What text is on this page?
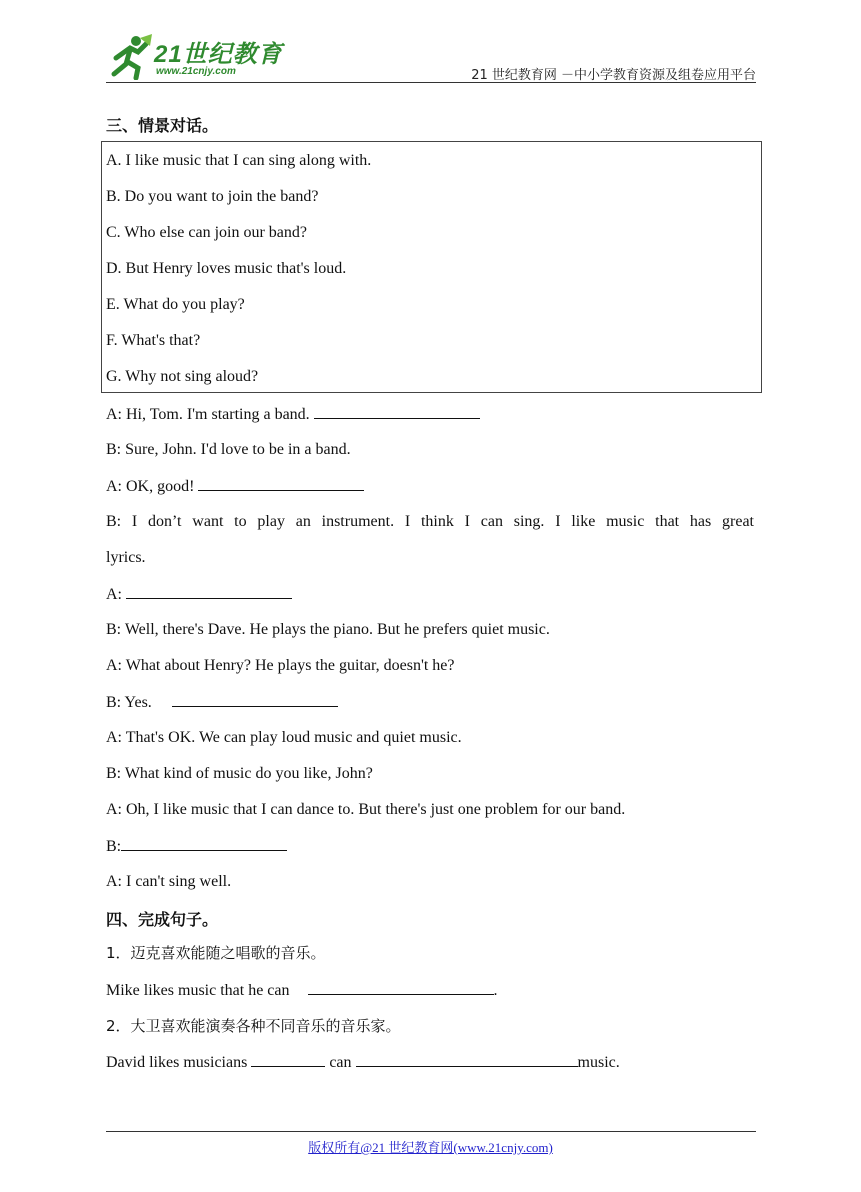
21世纪教育
www.21cnjy.com	21 世纪教育网 －中小学教育资源及组卷应用平台
三、情景对话。
A. I like music that I can sing along with.
B. Do you want to join the band?
C. Who else can join our band?
D. But Henry loves music that's loud.
E. What do you play?
F. What's that?
G. Why not sing aloud?
A: Hi, Tom. I'm starting a band.
B: Sure, John. I'd love to be in a band.
A: OK, good!
B: I don’t want to play an instrument. I think I can sing. I like music that has great
lyrics.
A:
B: Well, there's Dave. He plays the piano. But he prefers quiet music.
A: What about Henry? He plays the guitar, doesn't he?
B: Yes.
A: That's OK. We can play loud music and quiet music.
B: What kind of music do you like, John?
A: Oh, I like music that I can dance to. But there's just one problem for our band.
B:
A: I can't sing well.
四、完成句子。
1．迈克喜欢能随之唱歌的音乐。
Mike likes music that he can	.
2．大卫喜欢能演奏各种不同音乐的音乐家。
David likes musicians	can	music.
版权所有@21 世纪教育网(www.21cnjy.com)
